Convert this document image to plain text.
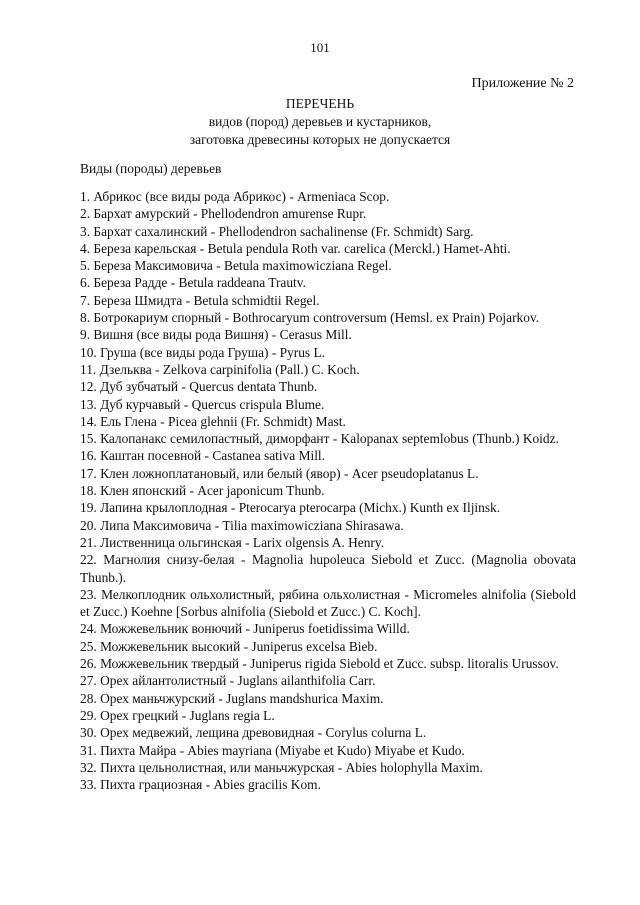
101
Приложение № 2
ПЕРЕЧЕНЬ
видов (пород) деревьев и кустарников,
заготовка древесины которых не допускается
Виды (породы) деревьев
1. Абрикос (все виды рода Абрикос) - Armeniaca Scop.
2. Бархат амурский - Phellodendron amurense Rupr.
3. Бархат сахалинский - Phellodendron sachalinense (Fr. Schmidt) Sarg.
4. Береза карельская - Betula pendula Roth var. carelica (Merckl.) Hamet-Ahti.
5. Береза Максимовича - Betula maximowicziana Regel.
6. Береза Радде - Betula raddeana Trautv.
7. Береза Шмидта - Betula schmidtii Regel.
8. Ботрокариум спорный - Bothrocaryum controversum (Hemsl. ex Prain) Pojarkov.
9. Вишня (все виды рода Вишня) - Cerasus Mill.
10. Груша (все виды рода Груша) - Pyrus L.
11. Дзельква - Zelkova carpinifolia (Pall.) C. Koch.
12. Дуб зубчатый - Quercus dentata Thunb.
13. Дуб курчавый - Quercus crispula Blume.
14. Ель Глена - Picea glehnii (Fr. Schmidt) Mast.
15. Калопанакс семилопастный, диморфант - Kalopanax septemlobus (Thunb.) Koidz.
16. Каштан посевной - Castanea sativa Mill.
17. Клен ложноплатановый, или белый (явор) - Acer pseudoplatanus L.
18. Клен японский - Acer japonicum Thunb.
19. Лапина крылоплодная - Pterocarya pterocarpa (Michx.) Kunth ex Iljinsk.
20. Липа Максимовича - Tilia maximowicziana Shirasawa.
21. Лиственница ольгинская - Larix olgensis A. Henry.
22. Магнолия снизу-белая - Magnolia hupoleuca Siebold et Zucc. (Magnolia obovata Thunb.).
23. Мелкоплодник ольхолистный, рябина ольхолистная - Micromeles alnifolia (Siebold et Zucc.) Koehne [Sorbus alnifolia (Siebold et Zucc.) C. Koch].
24. Можжевельник вонючий - Juniperus foetidissima Willd.
25. Можжевельник высокий - Juniperus excelsa Bieb.
26. Можжевельник твердый - Juniperus rigida Siebold et Zucc. subsp. litoralis Urussov.
27. Орех айлантолистный - Juglans ailanthifolia Carr.
28. Орех маньчжурский - Juglans mandshurica Maxim.
29. Орех грецкий - Juglans regia L.
30. Орех медвежий, лещина древовидная - Corylus colurna L.
31. Пихта Майра - Abies mayriana (Miyabe et Kudo) Miyabe et Kudo.
32. Пихта цельнолистная, или маньчжурская - Abies holophylla Maxim.
33. Пихта грациозная - Abies gracilis Kom.
